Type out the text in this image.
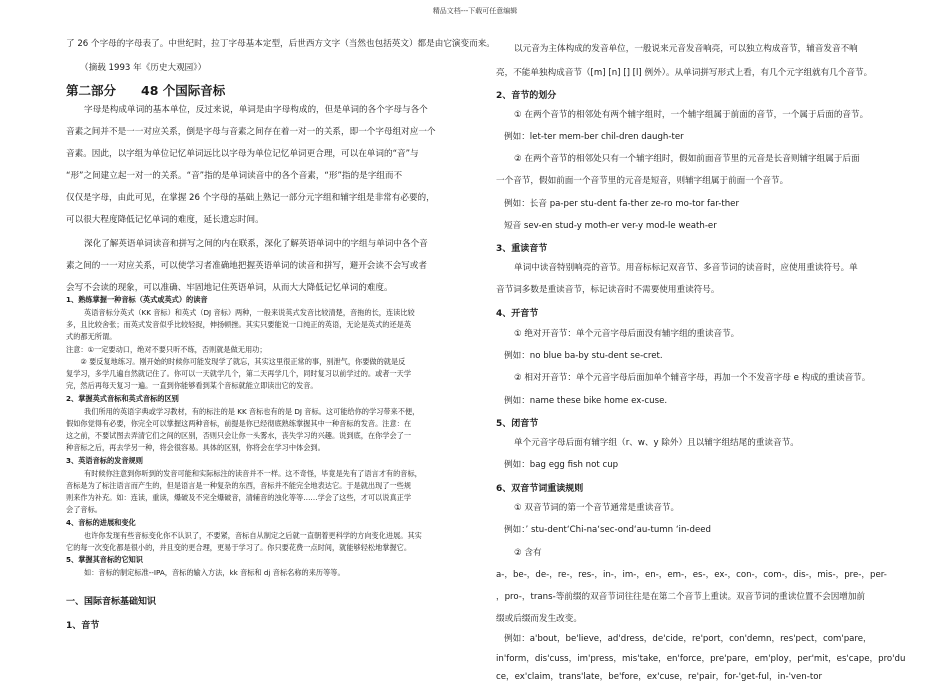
精品文档---下载可任意编辑
了 26 个字母的字母表了。中世纪时，拉丁字母基本定型，后世西方文字（当然也包括英文）都是由它演变而来。
（摘载 1993 年《历史大观园》）
第二部分　　48 个国际音标
字母是构成单词的基本单位，反过来说，单词是由字母构成的，但是单词的各个字母与各个
音素之间并不是一一对应关系，倒是字母与音素之间存在着一对一的关系，即一个字母组对应一个
音素。因此，以字组为单位记忆单词远比以字母为单位记忆单词更合理，可以在单词的“音”与
“形”之间建立起一对一的关系。“音”指的是单词读音中的各个音素，“形”指的是字组而不
仅仅是字母，由此可见，在掌握 26 个字母的基础上熟记一部分元字组和辅字组是非常有必要的，
可以很大程度降低记忆单词的难度，延长遗忘时间。
深化了解英语单词读音和拼写之间的内在联系，深化了解英语单词中的字组与单词中各个音
素之间的一一对应关系，可以使学习者准确地把握英语单词的读音和拼写，避开会读不会写或者
会写不会读的现象，可以准确、牢固地记住英语单词，从而大大降低记忆单词的难度。
1、熟练掌握一种音标（英式或英式）的读音
英语音标分英式（KK 音标）和英式（DJ 音标）两种，一般来说英式发音比较清楚，音拖的长，连读比较
多，且比较舍张；而英式发音似乎比较轻捉，伸扬顿挫。其实只要能说一口纯正的英语，无论是英式的还是英
式的都无所谓。
注意：①一定要动口，绝对不要只听不练，否则就是做无用功；
　　② 要反复地练习。刚开始的时候你可能发现学了就忘，其实这里很正常的事，别泄气，你要做的就是反
复学习，多学几遍自然就记住了。你可以一天就学几个，第二天再学几个，同时复习以前学过的。或者一天学
完，然后再每天复习一遍。一直到你能够看到某个音标就能立即读出它的发音。
2、掌握英式音标和英式音标的区别
我们所用的英语字典或学习教材，有的标注的是 KK 音标也有的是 DJ 音标。这可能给你的学习带来不便，
假如你觉得有必要，你完全可以掌握这两种音标，前提是你已经彻底熟练掌握其中一种音标的发音。注意：在
这之前，不要试图去弄清它们之间的区别，否则只会让你一头雾水，丧失学习的兴趣。说到底，在你学会了一
种音标之后，再去学另一种，将会很容易。具体的区别，你将会在学习中体会到。
3、英语音标的发音规则
有时候你注意到你听到的发音可能和实际标注的读音并不一样。这不奇怪，毕竟是先有了语言才有的音标，
音标是为了标注语言而产生的，但是语言是一种复杂的东西，音标并不能完全地表达它。于是就出现了一些规
则来作为补充。如：连读，重读，爆破及不完全爆破音，清辅音的浊化等等……学会了这些，才可以说真正学
会了音标。
4、音标的进展和变化
也许你发现有些音标变化你不认识了，不要紧，音标自从制定之后就一直朝着更科学的方向变化进展。其实
它的每一次变化都是很小的，并且变的更合理，更易于学习了。你只要花费一点时间，就能够轻松地掌握它。
5、掌握其音标的它知识
如：音标的制定标准--IPA，音标的输入方法，kk 音标和 dj 音标名称的来历等等。
一、国际音标基础知识
1、音节
以元音为主体构成的发音单位，一般说来元音发音响亮，可以独立构成音节，辅音发音不响
亮，不能单独构成音节（[m] [n] [] [l] 例外）。从单词拼写形式上看，有几个元字组就有几个音节。
2、音节的划分
① 在两个音节的相邻处有两个辅字组时，一个辅字组属于前面的音节，一个属于后面的音节。
例如：let-ter mem-ber chil-dren daugh-ter
② 在两个音节的相邻处只有一个辅字组时，假如前面音节里的元音是长音则辅字组属于后面
一个音节，假如前面一个音节里的元音是短音，则辅字组属于前面一个音节。
例如：长音 pa-per stu-dent fa-ther ze-ro mo-tor far-ther
短音 sev-en stud-y moth-er ver-y mod-le weath-er
3、重读音节
单词中读音特别响亮的音节。用音标标记双音节、多音节词的读音时，应使用重读符号。单
音节词多数是重读音节，标记读音时不需要使用重读符号。
4、开音节
① 绝对开音节：单个元音字母后面没有辅字组的重读音节。
例如：no blue ba-by stu-dent se-cret.
② 相对开音节：单个元音字母后面加单个辅音字母，再加一个不发音字母 e 构成的重读音节。
例如：name these bike home ex-cuse.
5、闭音节
单个元音字母后面有辅字组（r、w、y 除外）且以辅字组结尾的重读音节。
例如：bag egg fish not cup
6、双音节词重读规则
① 双音节词的第一个音节通常是重读音节。
例如：’ stu-dent‘Chi-na‘sec-ond‘au-tumn ‘in-deed
② 含有
a-，be-，de-，re-，res-，in-，im-，en-，em-，es-，ex-，con-，com-，dis-，mis-，pre-，per-
，pro-，trans-等前缀的双音节词往往是在第二个音节上重读。双音节词的重读位置不会因增加前
缀或后缀而发生改变。
例如：a'bout，be'lieve，ad'dress，de'cide，re'port，con'demn，res'pect，com'pare，
in'form，dis'cuss，im'press，mis'take，en'force，pre'pare，em'ploy，per'mit，es'cape，pro'du
ce，ex'claim，trans'late，be'fore，ex'cuse，re'pair，for-'get-ful，in-'ven-tor
